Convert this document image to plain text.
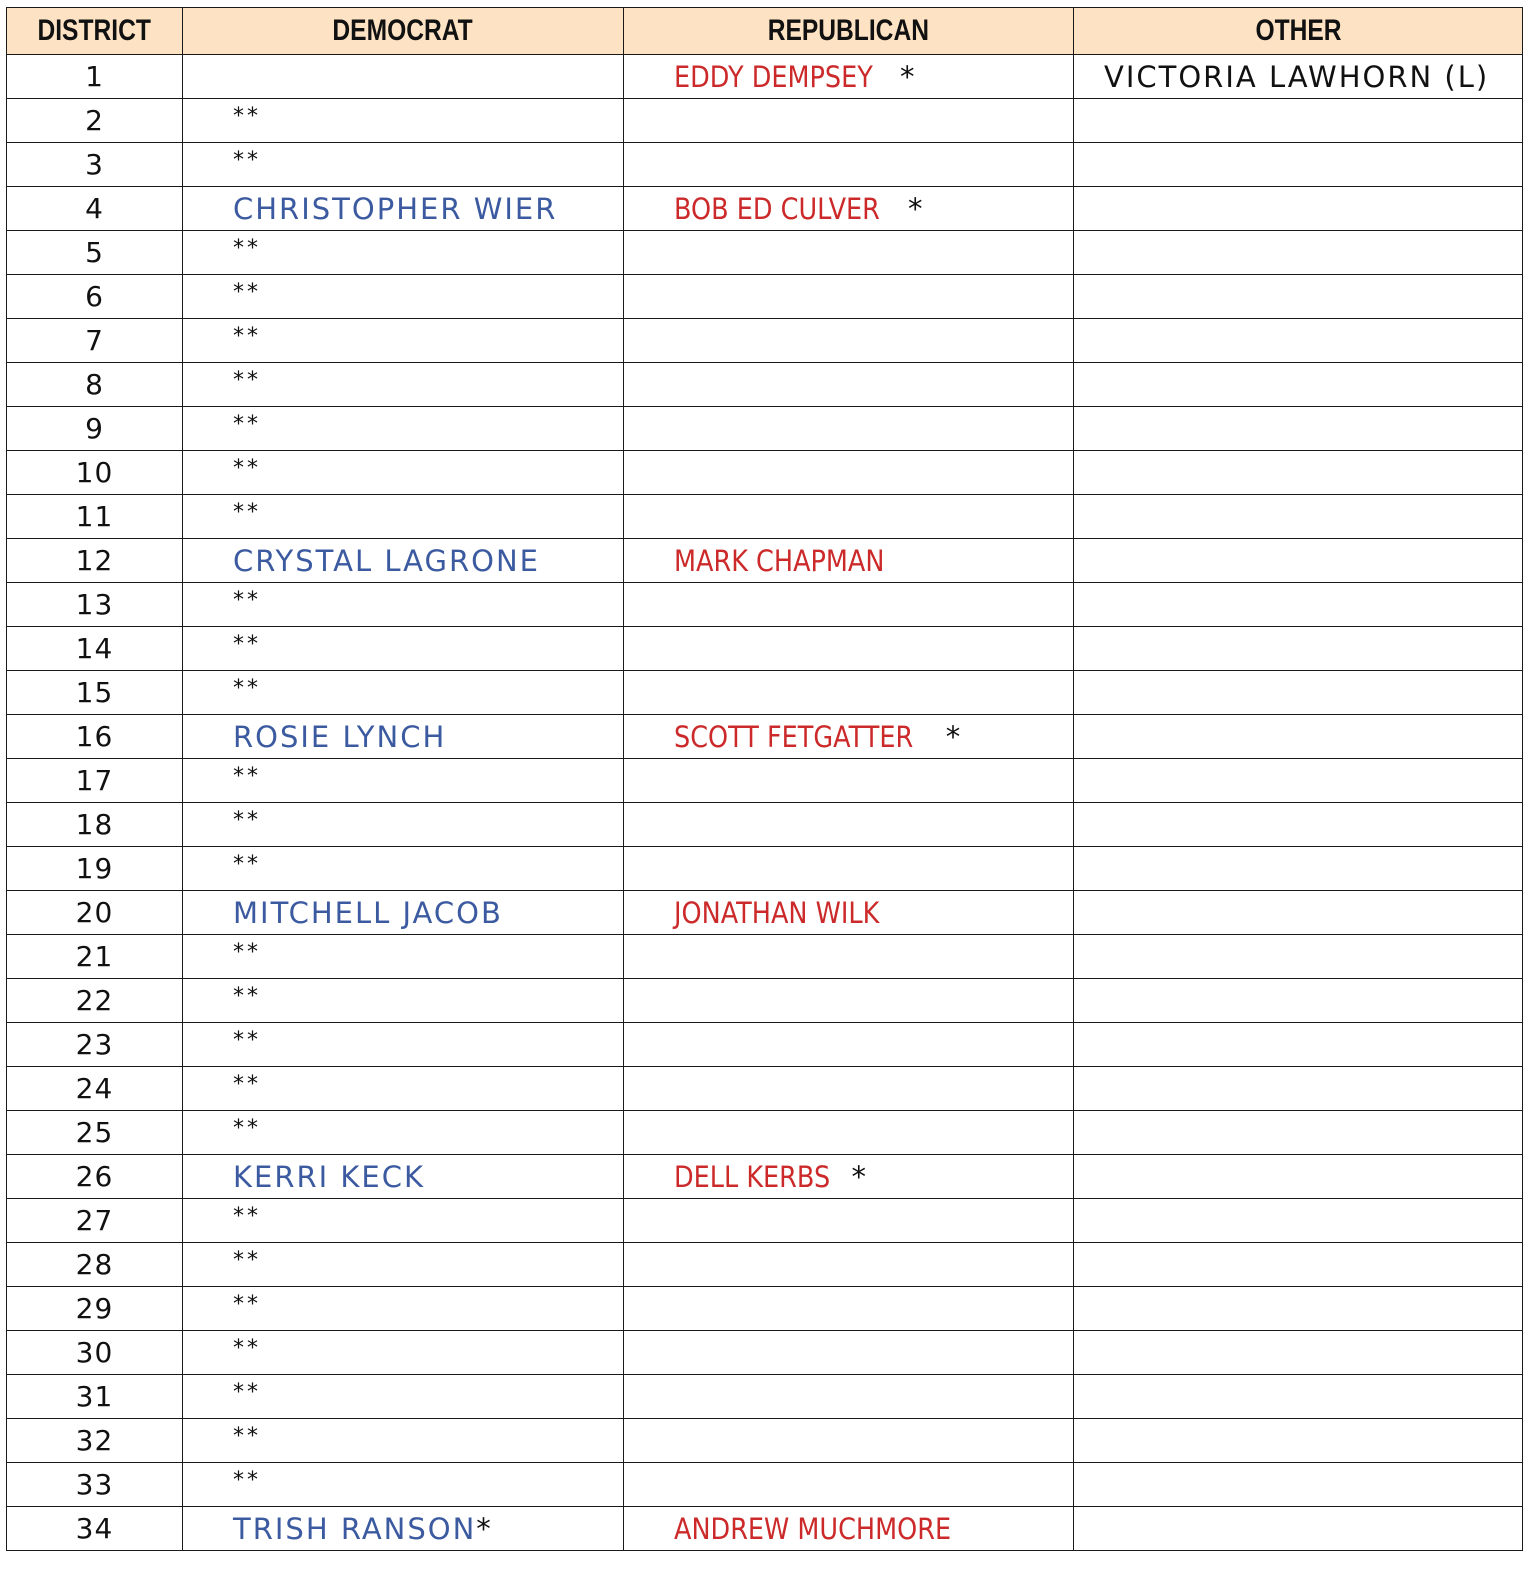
DISTRICT	DEMOCRAT	REPUBLICAN	OTHER
1		EDDY DEMPSEY *	VICTORIA LAWHORN (L)
2	**		
3	**		
4	CHRISTOPHER WIER	BOB ED CULVER *	
5	**		
6	**		
7	**		
8	**		
9	**		
10	**		
11	**		
12	CRYSTAL LAGRONE	MARK CHAPMAN	
13	**		
14	**		
15	**		
16	ROSIE LYNCH	SCOTT FETGATTER *	
17	**		
18	**		
19	**		
20	MITCHELL JACOB	JONATHAN WILK	
21	**		
22	**		
23	**		
24	**		
25	**		
26	KERRI KECK	DELL KERBS *	
27	**		
28	**		
29	**		
30	**		
31	**		
32	**		
33	**		
34	TRISH RANSON*	ANDREW MUCHMORE	
